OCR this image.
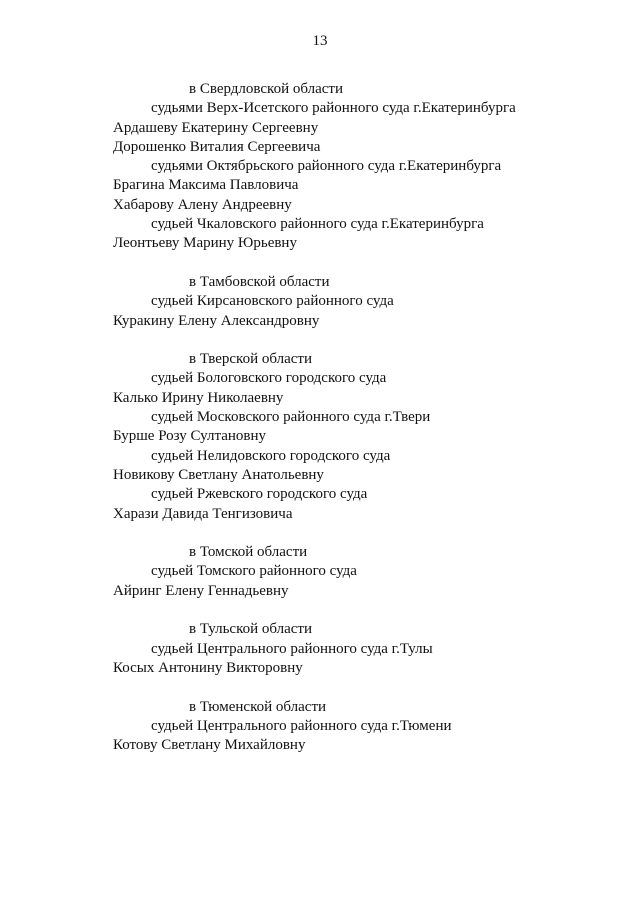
13
в Свердловской области
судьями Верх-Исетского районного суда г.Екатеринбурга
Ардашеву Екатерину Сергеевну
Дорошенко Виталия Сергеевича
судьями Октябрьского районного суда г.Екатеринбурга
Брагина Максима Павловича
Хабарову Алену Андреевну
судьей Чкаловского районного суда г.Екатеринбурга
Леонтьеву Марину Юрьевну
в Тамбовской области
судьей Кирсановского районного суда
Куракину Елену Александровну
в Тверской области
судьей Бологовского городского суда
Калько Ирину Николаевну
судьей Московского районного суда г.Твери
Бурше Розу Султановну
судьей Нелидовского городского суда
Новикову Светлану Анатольевну
судьей Ржевского городского суда
Харази Давида Тенгизовича
в Томской области
судьей Томского районного суда
Айринг Елену Геннадьевну
в Тульской области
судьей Центрального районного суда г.Тулы
Косых Антонину Викторовну
в Тюменской области
судьей Центрального районного суда г.Тюмени
Котову Светлану Михайловну
